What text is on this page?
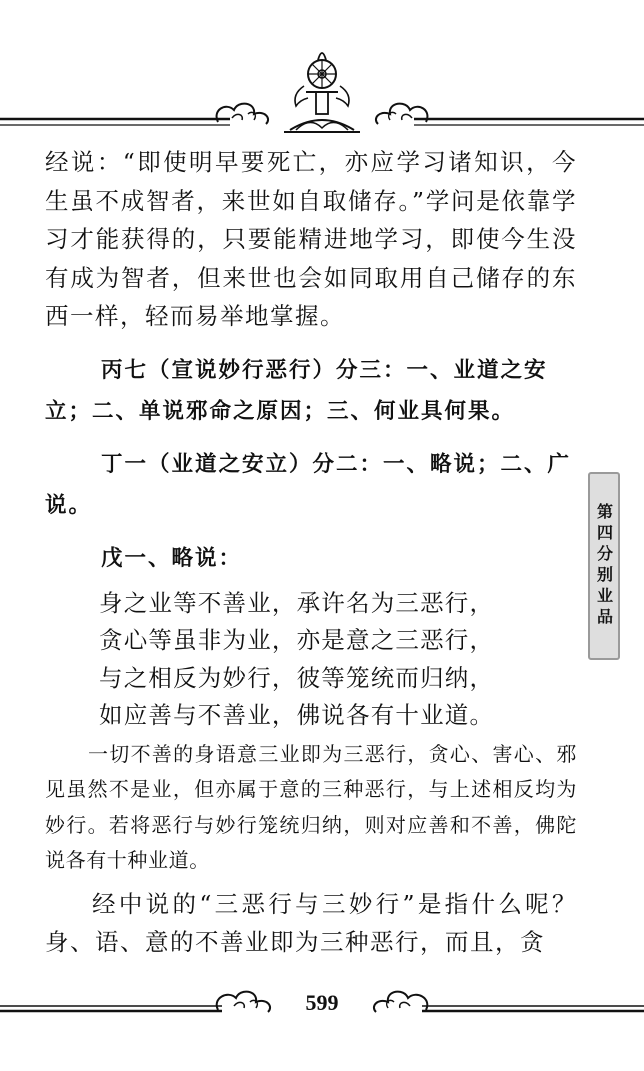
经说：“即使明早要死亡，亦应学习诸知识，今生虽不成智者，来世如自取储存。”学问是依靠学习才能获得的，只要能精进地学习，即使今生没有成为智者，但来世也会如同取用自己储存的东西一样，轻而易举地掌握。

丙七（宣说妙行恶行）分三：一、业道之安立；二、单说邪命之原因；三、何业具何果。

丁一（业道之安立）分二：一、略说；二、广说。

戊一、略说：

身之业等不善业，承许名为三恶行，
贪心等虽非为业，亦是意之三恶行，
与之相反为妙行，彼等笼统而归纳，
如应善与不善业，佛说各有十业道。

一切不善的身语意三业即为三恶行，贪心、害心、邪见虽然不是业，但亦属于意的三种恶行，与上述相反均为妙行。若将恶行与妙行笼统归纳，则对应善和不善，佛陀说各有十种业道。

经中说的“三恶行与三妙行”是指什么呢？身、语、意的不善业即为三种恶行，而且，贪

第四分别业品
599
